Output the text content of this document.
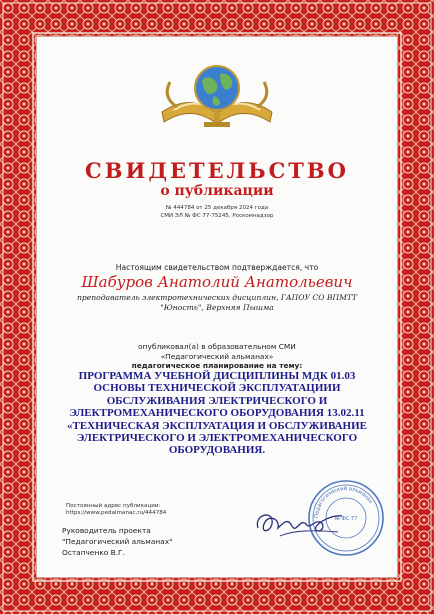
СВИДЕТЕЛЬСТВО
о публикации
№ 444784 от 25 декабря 2024 года
СМИ ЭЛ № ФС 77-75245, Роскомнадзор
Настоящим свидетельством подтверждается, что
Шабуров Анатолий Анатольевич
преподаватель электротехнических дисциплин, ГАПОУ СО ВПМТТ "Юность", Верхняя Пышма
опубликовал(а) в образовательном СМИ
«Педагогический альманах»
педагогическое планирование на тему:
ПРОГРАММА УЧЕБНОЙ ДИСЦИПЛИНЫ МДК 01.03 ОСНОВЫ ТЕХНИЧЕСКОЙ ЭКСПЛУАТАЦИИИ ОБСЛУЖИВАНИЯ ЭЛЕКТРИЧЕСКОГО И ЭЛЕКТРОМЕХАНИЧЕСКОГО ОБОРУДОВАНИЯ 13.02.11 «ТЕХНИЧЕСКАЯ ЭКСПЛУАТАЦИЯ И ОБСЛУЖИВАНИЕ ЭЛЕКТРИЧЕСКОГО И ЭЛЕКТРОМЕХАНИЧЕСКОГО ОБОРУДОВАНИЯ.
Постоянный адрес публикации:
https://www.pedalmanac.ru/444784
Руководитель проекта
"Педагогический альманах"
Остапченко В.Г.
Педагогический альманах
№ ФС 77
